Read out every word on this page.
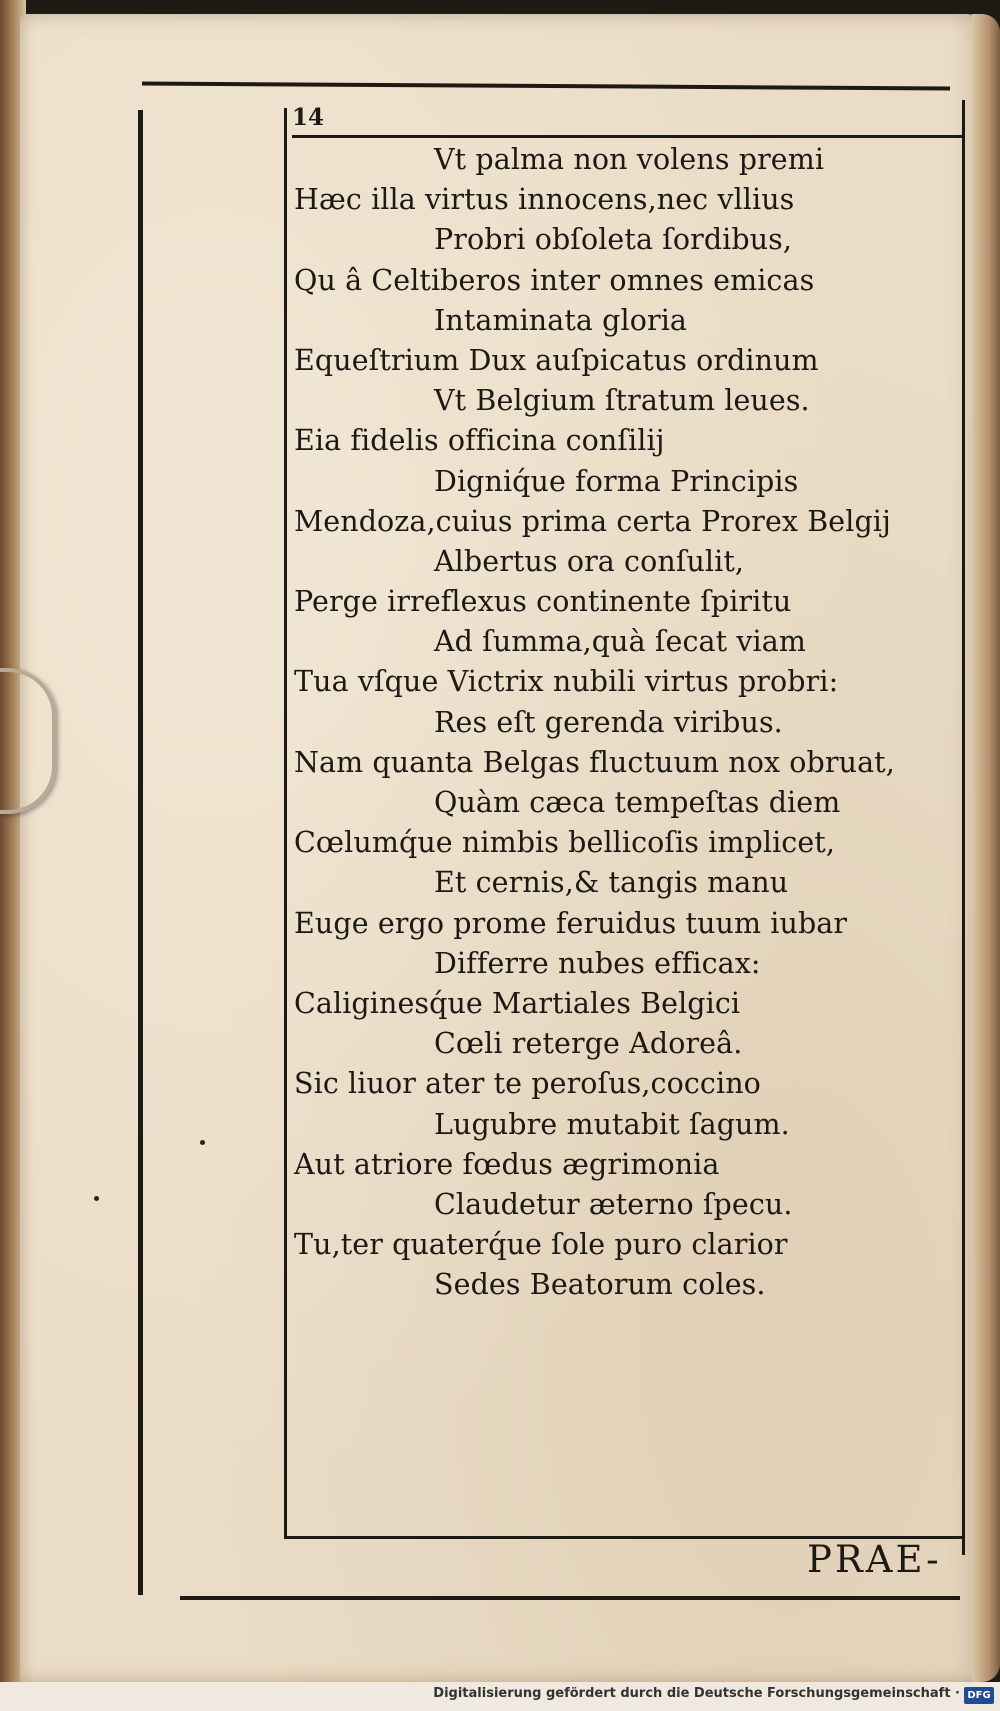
14
Vt palma non volens premi
Hæc illa virtus innocens,nec vllius
Probri obſoleta ſordibus,
Qu â Celtiberos inter omnes emicas
Intaminata gloria
Equeſtrium Dux auſpicatus ordinum
Vt Belgium ſtratum leues.
Eia fidelis officina conſilij
Digniq́ue forma Principis
Mendoza,cuius prima certa Prorex Belgij
Albertus ora conſulit,
Perge irreflexus continente ſpiritu
Ad ſumma,quà ſecat viam
Tua vſque Victrix nubili virtus probri:
Res eſt gerenda viribus.
Nam quanta Belgas fluctuum nox obruat,
Quàm cæca tempeſtas diem
Cœlumq́ue nimbis bellicoſis implicet,
Et cernis,& tangis manu
Euge ergo prome feruidus tuum iubar
Differre nubes efficax:
Caliginesq́ue Martiales Belgici
Cœli reterge Adoreâ.
Sic liuor ater te peroſus,coccino
Lugubre mutabit ſagum.
Aut atriore fœdus ægrimonia
Claudetur æterno ſpecu.
Tu,ter quaterq́ue ſole puro clarior
Sedes Beatorum coles.
PRAE-
Digitalisierung gefördert durch die Deutsche Forschungsgemeinschaft · DFG
